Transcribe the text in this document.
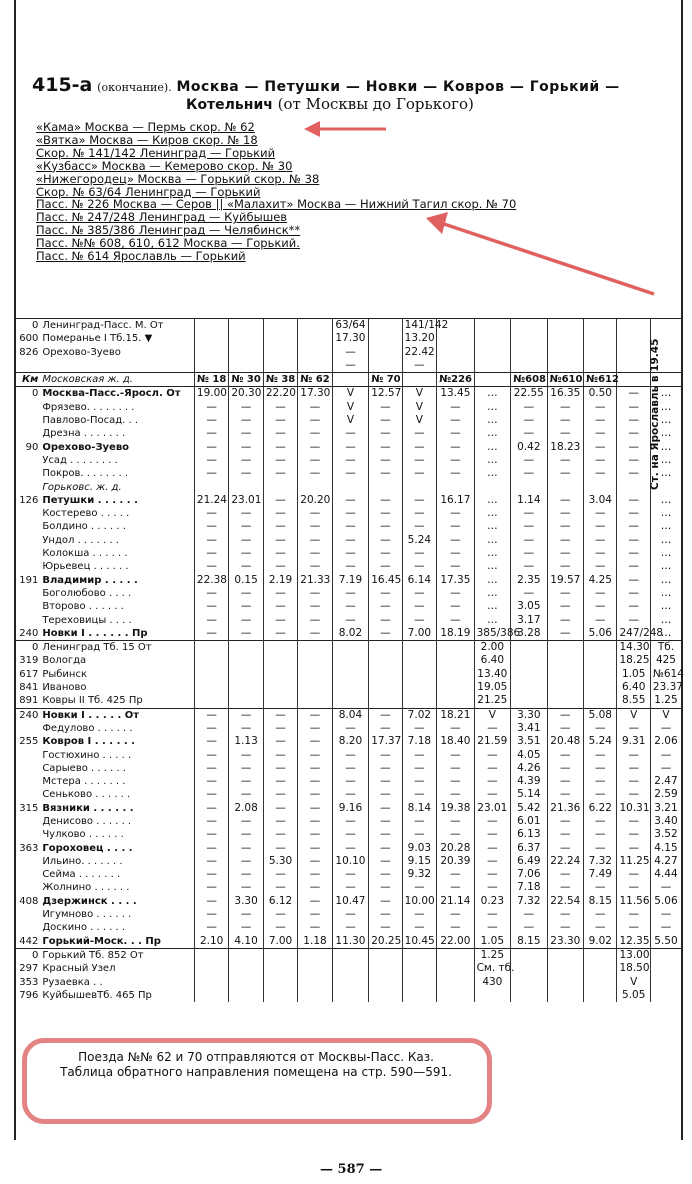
415-а (окончание). Москва — Петушки — Новки — Ковров — Горький —
Котельнич (от Москвы до Горького)
«Кама» Москва — Пермь скор. № 62
«Вятка» Москва — Киров скор. № 18
Скор. № 141/142 Ленинград — Горький
«Кузбасс» Москва — Кемерово скор. № 30
«Нижегородец» Москва — Горький скор. № 38
Скор. № 63/64 Ленинград — Горький
Пасс. № 226 Москва — Серов || «Малахит» Москва — Нижний Тагил скор. № 70
Пасс. № 247/248 Ленинград — Куйбышев
Пасс. № 385/386 Ленинград — Челябинск**
Пасс. №№ 608, 610, 612 Москва — Горький.
Пасс. № 614 Ярославль — Горький
0	Ленинград-Пасс. М. От					63/64		141/142							
600	Померанье I Тб.15. ▼					17.30		13.20							
826	Орехово-Зуево					—		22.42							
						—		—							
Км	Московская ж. д.	№ 18	№ 30	№ 38	№ 62		№ 70		№226		№608	№610	№612		
0	Москва-Пасс.-Яросл. От	19.00	20.30	22.20	17.30	V	12.57	V	13.45	…	22.55	16.35	0.50	—	…
	Фрязево. . . . . . . .	—	—	—	—	V	—	V	—	…	—	—	—	—	…
	Павлово-Посад. . .	—	—	—	—	V	—	V	—	…	—	—	—	—	…
	Дрезна . . . . . . .	—	—	—	—	—	—	—	—	…	—	—	—	—	…
90	Орехово-Зуево	—	—	—	—	—	—	—	—	…	0.42	18.23	—	—	…
	Усад . . . . . . . .	—	—	—	—	—	—	—	—	…	—	—	—	—	…
	Покров. . . . . . . .	—	—	—	—	—	—	—	—	…	—	—	—	—	…
	Горьковс. ж. д.														
126	Петушки . . . . . .	21.24	23.01	—	20.20	—	—	—	16.17	…	1.14	—	3.04	—	…
	Костерево . . . . .	—	—	—	—	—	—	—	—	…	—	—	—	—	…
	Болдино . . . . . .	—	—	—	—	—	—	—	—	…	—	—	—	—	…
	Ундол . . . . . . .	—	—	—	—	—	—	5.24	—	…	—	—	—	—	…
	Колокша . . . . . .	—	—	—	—	—	—	—	—	…	—	—	—	—	…
	Юрьевец . . . . . .	—	—	—	—	—	—	—	—	…	—	—	—	—	…
191	Владимир . . . . .	22.38	0.15	2.19	21.33	7.19	16.45	6.14	17.35	…	2.35	19.57	4.25	—	…
	Боголюбово . . . .	—	—	—	—	—	—	—	—	…	—	—	—	—	…
	Второво . . . . . .	—	—	—	—	—	—	—	—	…	3.05	—	—	—	…
	Тереховицы . . . .	—	—	—	—	—	—	—	—	…	3.17	—	—	—	…
240	Новки I . . . . . . Пр	—	—	—	—	8.02	—	7.00	18.19	385/386	3.28	—	5.06	247/248	…
0	Ленинград Тб. 15 От									2.00				14.30	Тб.
319	Вологда									6.40				18.25	425
617	Рыбинск									13.40				1.05	№614
841	Иваново									19.05				6.40	23.37
891	Ковры II Тб. 425 Пр									21.25				8.55	1.25
240	Новки I . . . . . От	—	—	—	—	8.04	—	7.02	18.21	V	3.30	—	5.08	V	V
	Федулово . . . . . .	—	—	—	—	—	—	—	—	—	3.41	—	—	—	—
255	Ковров I . . . . . .	—	1.13	—	—	8.20	17.37	7.18	18.40	21.59	3.51	20.48	5.24	9.31	2.06
	Гостюхино . . . . .	—	—	—	—	—	—	—	—	—	4.05	—	—	—	—
	Сарыево . . . . . .	—	—	—	—	—	—	—	—	—	4.26	—	—	—	—
	Мстера . . . . . . .	—	—	—	—	—	—	—	—	—	4.39	—	—	—	2.47
	Сеньково . . . . . .	—	—	—	—	—	—	—	—	—	5.14	—	—	—	2.59
315	Вязники . . . . . .	—	2.08	—	—	9.16	—	8.14	19.38	23.01	5.42	21.36	6.22	10.31	3.21
	Денисово . . . . . .	—	—	—	—	—	—	—	—	—	6.01	—	—	—	3.40
	Чулково . . . . . .	—	—	—	—	—	—	—	—	—	6.13	—	—	—	3.52
363	Гороховец . . . .	—	—	—	—	—	—	9.03	20.28	—	6.37	—	—	—	4.15
	Ильино. . . . . . .	—	—	5.30	—	10.10	—	9.15	20.39	—	6.49	22.24	7.32	11.25	4.27
	Сейма . . . . . . .	—	—	—	—	—	—	9.32	—	—	7.06	—	7.49	—	4.44
	Жолнино . . . . . .	—	—	—	—	—	—	—	—	—	7.18	—	—	—	—
408	Дзержинск . . . .	—	3.30	6.12	—	10.47	—	10.00	21.14	0.23	7.32	22.54	8.15	11.56	5.06
	Игумново . . . . . .	—	—	—	—	—	—	—	—	—	—	—	—	—	—
	Доскино . . . . . .	—	—	—	—	—	—	—	—	—	—	—	—	—	—
442	Горький-Моск. . . Пр	2.10	4.10	7.00	1.18	11.30	20.25	10.45	22.00	1.05	8.15	23.30	9.02	12.35	5.50
0	Горький Тб. 852 От									1.25				13.00	
297	Красный Узел									См. тб.				18.50	
353	Рузаевка . .									430				V	
796	КуйбышевТб. 465 Пр													5.05	
Ст. на Ярославль в 19.45
Поезда №№ 62 и 70 отправляются от Москвы-Пасс. Каз.
Таблица обратного направления помещена на стр. 590—591.
— 587 —
